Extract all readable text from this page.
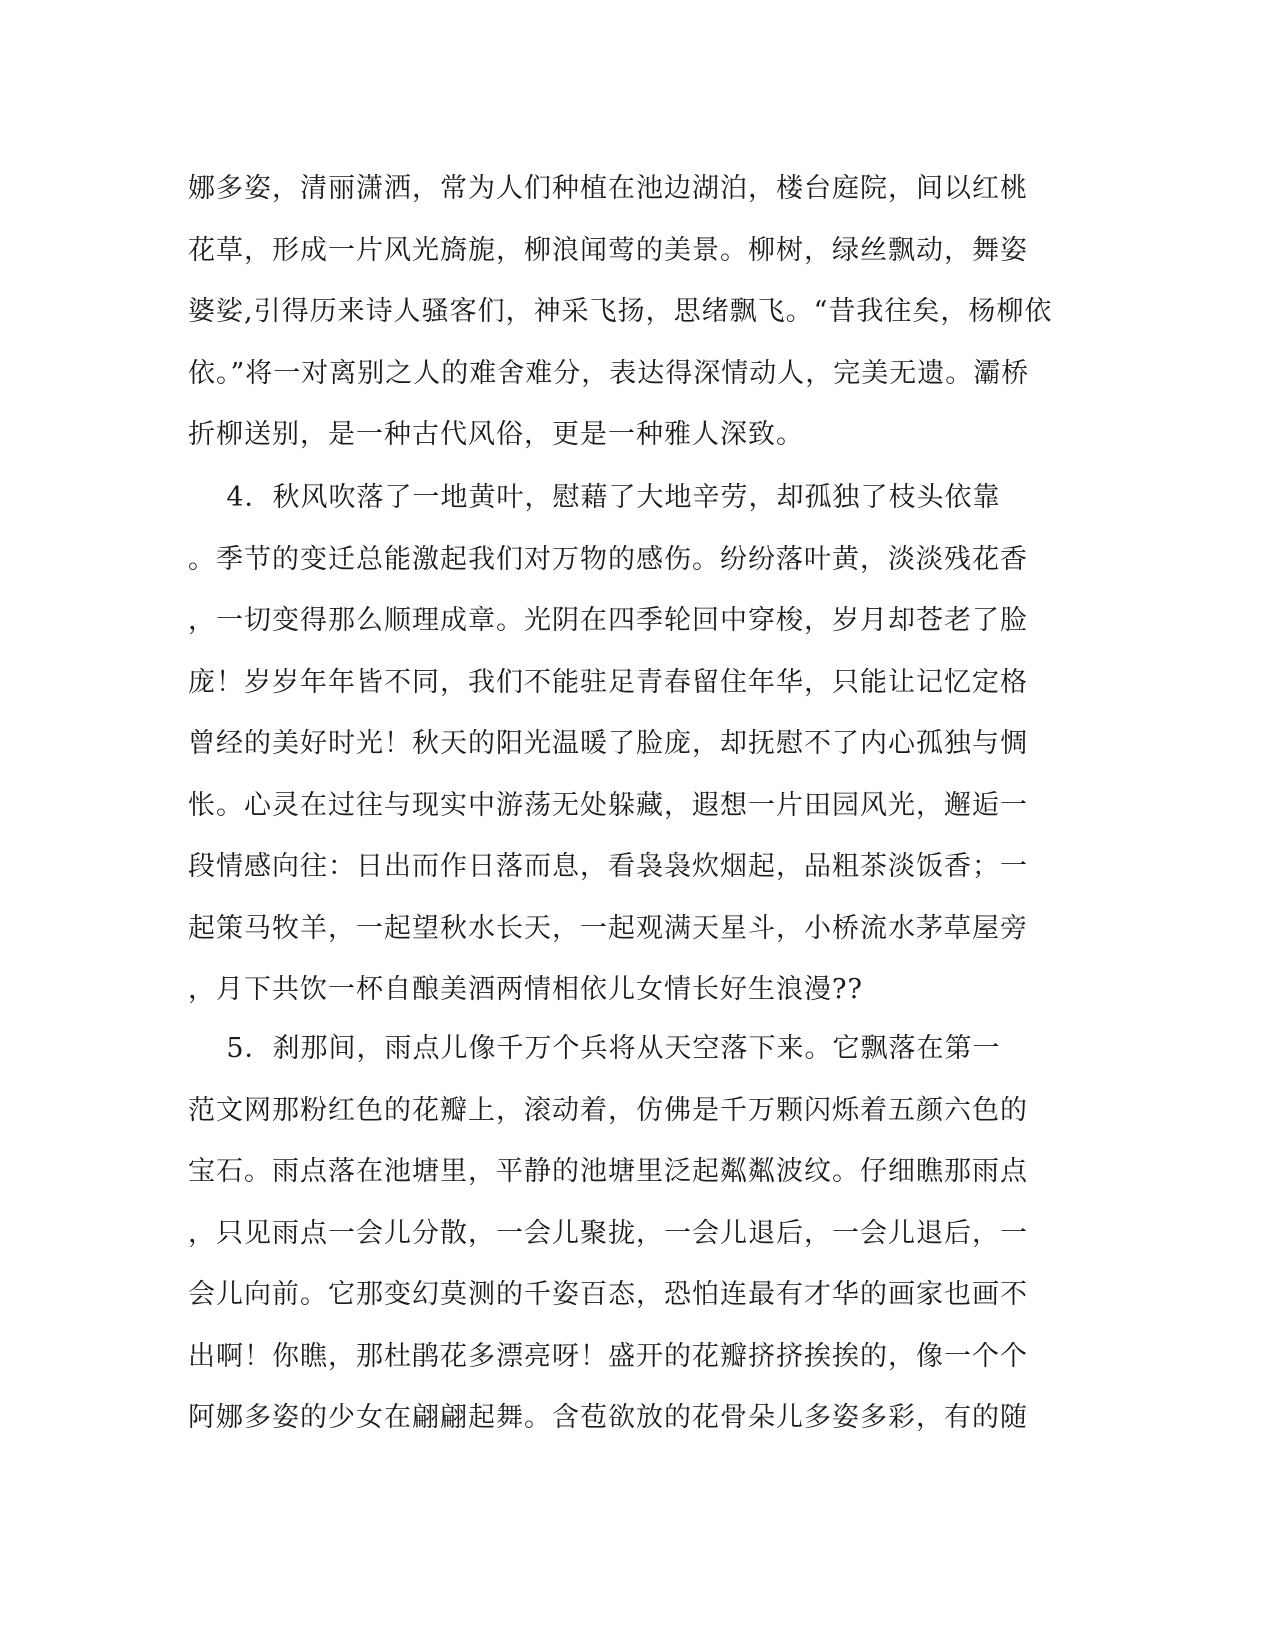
娜多姿，清丽潇洒，常为人们种植在池边湖泊，楼台庭院，间以红桃
花草，形成一片风光旖旎，柳浪闻莺的美景。柳树，绿丝飘动，舞姿
婆娑,引得历来诗人骚客们，神采飞扬，思绪飘飞。“昔我往矣，杨柳依
依。”将一对离别之人的难舍难分，表达得深情动人，完美无遗。灞桥
折柳送别，是一种古代风俗，更是一种雅人深致。
4．秋风吹落了一地黄叶，慰藉了大地辛劳，却孤独了枝头依靠
。季节的变迁总能激起我们对万物的感伤。纷纷落叶黄，淡淡残花香
，一切变得那么顺理成章。光阴在四季轮回中穿梭，岁月却苍老了脸
庞！岁岁年年皆不同，我们不能驻足青春留住年华，只能让记忆定格
曾经的美好时光！秋天的阳光温暖了脸庞，却抚慰不了内心孤独与惆
怅。心灵在过往与现实中游荡无处躲藏，遐想一片田园风光，邂逅一
段情感向往：日出而作日落而息，看袅袅炊烟起，品粗茶淡饭香；一
起策马牧羊，一起望秋水长天，一起观满天星斗，小桥流水茅草屋旁
，月下共饮一杯自酿美酒两情相依儿女情长好生浪漫??
5．刹那间，雨点儿像千万个兵将从天空落下来。它飘落在第一
范文网那粉红色的花瓣上，滚动着，仿佛是千万颗闪烁着五颜六色的
宝石。雨点落在池塘里，平静的池塘里泛起粼粼波纹。仔细瞧那雨点
，只见雨点一会儿分散，一会儿聚拢，一会儿退后，一会儿退后，一
会儿向前。它那变幻莫测的千姿百态，恐怕连最有才华的画家也画不
出啊！你瞧，那杜鹃花多漂亮呀！盛开的花瓣挤挤挨挨的，像一个个
阿娜多姿的少女在翩翩起舞。含苞欲放的花骨朵儿多姿多彩，有的随
